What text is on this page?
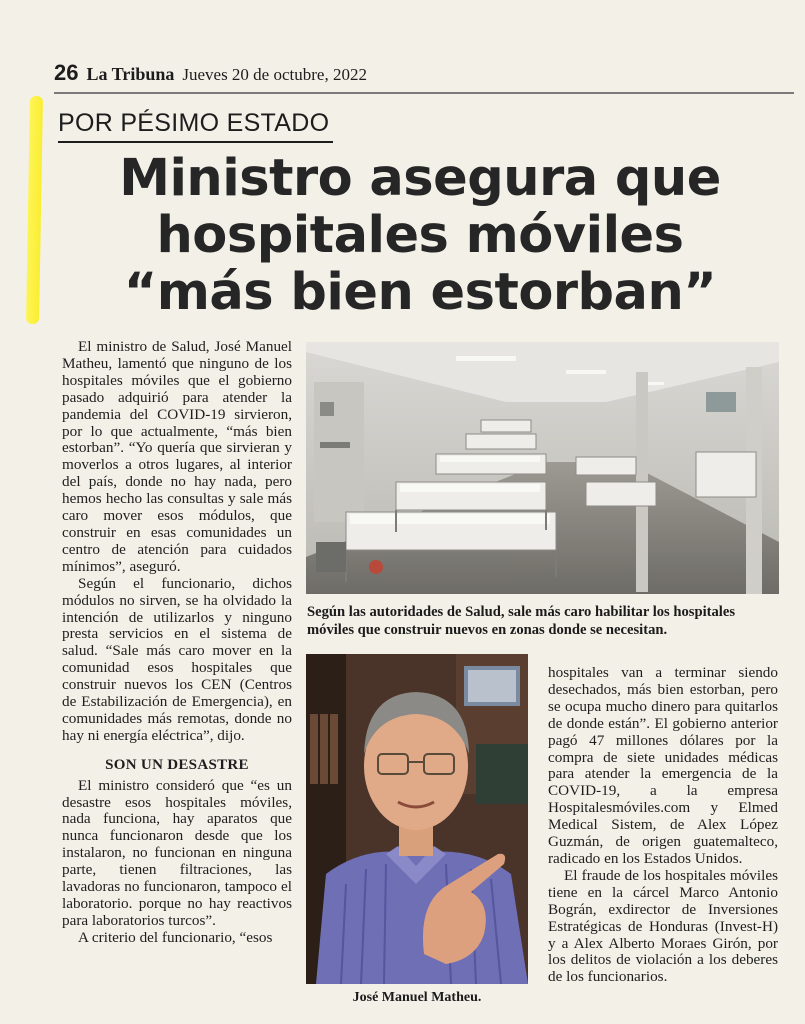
26 La Tribuna Jueves 20 de octubre, 2022
POR PÉSIMO ESTADO
Ministro asegura que
hospitales móviles
“más bien estorban”

El ministro de Salud, José Manuel Matheu, lamentó que ninguno de los hospitales móviles que el gobierno pasado adquirió para atender la pandemia del COVID-19 sirvieron, por lo que actualmente, “más bien estorban”. “Yo quería que sirvieran y moverlos a otros lugares, al interior del país, donde no hay nada, pero hemos hecho las consultas y sale más caro mover esos módulos, que construir en esas comunidades un centro de atención para cuidados mínimos”, aseguró.

Según el funcionario, dichos módulos no sirven, se ha olvidado la intención de utilizarlos y ninguno presta servicios en el sistema de salud. “Sale más caro mover en la comunidad esos hospitales que construir nuevos los CEN (Centros de Estabilización de Emergencia), en comunidades más remotas, donde no hay ni energía eléctrica”, dijo.

SON UN DESASTRE

El ministro consideró que “es un desastre esos hospitales móviles, nada funciona, hay aparatos que nunca funcionaron desde que los instalaron, no funcionan en ninguna parte, tienen filtraciones, las lavadoras no funcionaron, tampoco el laboratorio. porque no hay reactivos para laboratorios turcos”.

A criterio del funcionario, “esos

Según las autoridades de Salud, sale más caro habilitar los hospitales móviles que construir nuevos en zonas donde se necesitan.
José Manuel Matheu.

hospitales van a terminar siendo desechados, más bien estorban, pero se ocupa mucho dinero para quitarlos de donde están”. El gobierno anterior pagó 47 millones dólares por la compra de siete unidades médicas para atender la emergencia de la COVID-19, a la empresa Hospitalesmóviles.com y Elmed Medical Sistem, de Alex López Guzmán, de origen guatemalteco, radicado en los Estados Unidos.

El fraude de los hospitales móviles tiene en la cárcel Marco Antonio Bográn, exdirector de Inversiones Estratégicas de Honduras (Invest-H) y a Alex Alberto Moraes Girón, por los delitos de violación a los deberes de los funcionarios.
